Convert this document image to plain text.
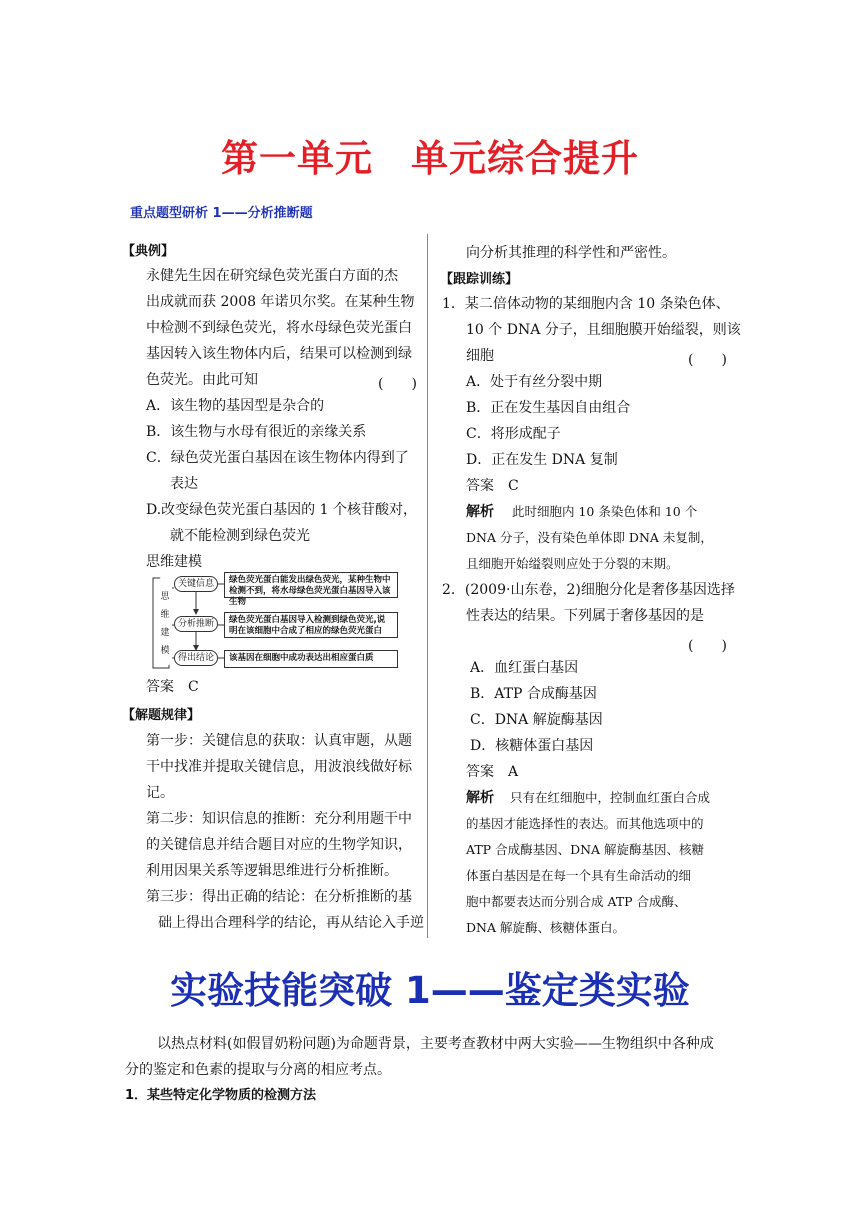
第一单元　单元综合提升
重点题型研析 1——分析推断题
【典例】
永健先生因在研究绿色荧光蛋白方面的杰
出成就而获 2008 年诺贝尔奖。在某种生物
中检测不到绿色荧光，将水母绿色荧光蛋白
基因转入该生物体内后，结果可以检测到绿
色荧光。由此可知	(　　)
A．该生物的基因型是杂合的
B．该生物与水母有很近的亲缘关系
C．绿色荧光蛋白基因在该生物体内得到了
表达
D.改变绿色荧光蛋白基因的 1 个核苷酸对，
就不能检测到绿色荧光
思维建模
思
维
建
模
关键信息
分析推断
得出结论
绿色荧光蛋白能发出绿色荧光，某种生物中检测不到，将水母绿色荧光蛋白基因导入该生物
绿色荧光蛋白基因导入检测到绿色荧光,说明在该细胞中合成了相应的绿色荧光蛋白
该基因在细胞中成功表达出相应蛋白质
答案　C
【解题规律】
第一步：关键信息的获取：认真审题，从题
干中找准并提取关键信息，用波浪线做好标
记。
第二步：知识信息的推断：充分利用题干中
的关键信息并结合题目对应的生物学知识，
利用因果关系等逻辑思维进行分析推断。
第三步：得出正确的结论：在分析推断的基
础上得出合理科学的结论，再从结论入手逆
向分析其推理的科学性和严密性。
【跟踪训练】
1．某二倍体动物的某细胞内含 10 条染色体、
10 个 DNA 分子，且细胞膜开始缢裂，则该
细胞	(　　)
A．处于有丝分裂中期
B．正在发生基因自由组合
C．将形成配子
D．正在发生 DNA 复制
答案　C
解析 此时细胞内 10 条染色体和 10 个
DNA 分子，没有染色单体即 DNA 未复制，
且细胞开始缢裂则应处于分裂的末期。
2．(2009·山东卷，2)细胞分化是奢侈基因选择
性表达的结果。下列属于奢侈基因的是
(　　)
A．血红蛋白基因
B．ATP 合成酶基因
C．DNA 解旋酶基因
D．核糖体蛋白基因
答案　A
解析 只有在红细胞中，控制血红蛋白合成
的基因才能选择性的表达。而其他选项中的
ATP 合成酶基因、DNA 解旋酶基因、核糖
体蛋白基因是在每一个具有生命活动的细
胞中都要表达而分别合成 ATP 合成酶、
DNA 解旋酶、核糖体蛋白。
实验技能突破 1——鉴定类实验
以热点材料(如假冒奶粉问题)为命题背景，主要考查教材中两大实验——生物组织中各种成
分的鉴定和色素的提取与分离的相应考点。
1．某些特定化学物质的检测方法
